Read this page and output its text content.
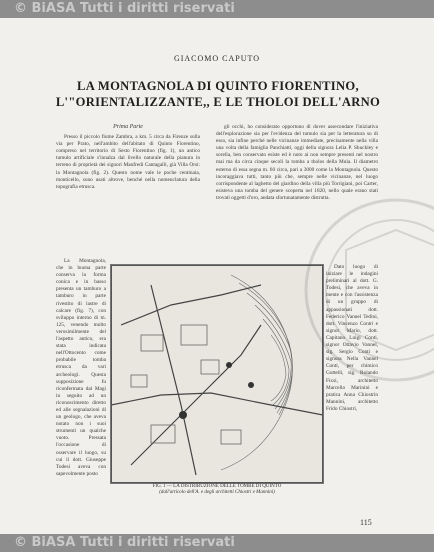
© BiASA Tutti i diritti riservati
GIACOMO CAPUTO
LA MONTAGNOLA DI QUINTO FIORENTINO,
L'"ORIENTALIZZANTE,, E LE THOLOI DELL'ARNO

Prima Parte

Presso il piccolo fiume Zambra, a km. 5 circa da Firenze sulla via per Prato, nell'ambito dell'abitato di Quinto Fiorentino, compreso nel territorio di Sesto Fiorentino (fig. 1), un antico tumulo artificiale s'innalza dal livello naturale della pianura in terreno di proprietà dei signori Manfredi Cantagalli, già Villa Orsi: la Montagnola (fig. 2). Questo nome vale le poche centinaia, monticello, sono usati altrove, benché nella nomenclatura della topografia etrusca.

gli occhi, ho considerato opportuno di dover assecondare l'iniziativa dell'esplorazione sia per l'evidenza del tumulo sia per la letteratura su di esso, sia infine perché nelle vicinanze immediate, precisamente nella villa una volta della famiglia Panchiatti, oggi della signora Lelia P. Shuckley e sorella, ben conservato esiste ed è noto ai non sempre presenti nel nostro mai ma da circa cinque secoli la tomba a tholos della Mula. Il diametro esterno di essa segna m. 60 circa, pari a 3000 come la Montagnola. Questo incoraggiava tutti, tanto più che, sempre nelle vicinanze, nel luogo corrispondente al laghetto del giardino della villa più Torrigiani, poi Carter, esisteva una tomba del genere scoperta nel 1820, nello quale erano stati trovati oggetti d'oro, andata sfortunatamente distrutta.

La Montagnola, che in buona parte conserva la forma conica e in basso presenta un tamburo a tamburo in parte rivestito di lastre di calcare (fig. 7), con sviluppo interno di m. 125, venendo molto verosimilmente del l'aspetto antico, era stata indicata nell'Ottocento come probabile tomba etrusca da vari archeologi. Questa supposizione fu riconfermata dal Magi in seguito ad un riconoscimento diretto ed alle segnalazioni di un geologo, che aveva notato non i suoi strumenti un qualche vuoto. Pressata l'occasione di osservare il luogo, su cui il dott. Giuseppe Todesi aveva con sapevolmente posto

Dato luogo di iniziare le indagini preliminari al dott. G. Todesi, che aveva in mente e con l'assistenza di un gruppo di appassionati dott. Federico Vannel Tedini, dott. Vincenzo Contri e signor Mario, dott. Capitano Luigi Conti, signor Ottavio Vannel, sig. Sergio Conti e signora Nella Vannel Conti, per chimico Guttelli, sig. Rolando Fixsi, architetto Marcello Marinini e pratica Anna Chiostrin Mannini, architetto Frido Chiostri,

FIG. 1 — LA DISTRIBUZIONE DELLE TOMBE DI QUINTO
(dall'articolo dell'A. e degli architetti Chiostri e Mannini)
115
© BiASA Tutti i diritti riservati
